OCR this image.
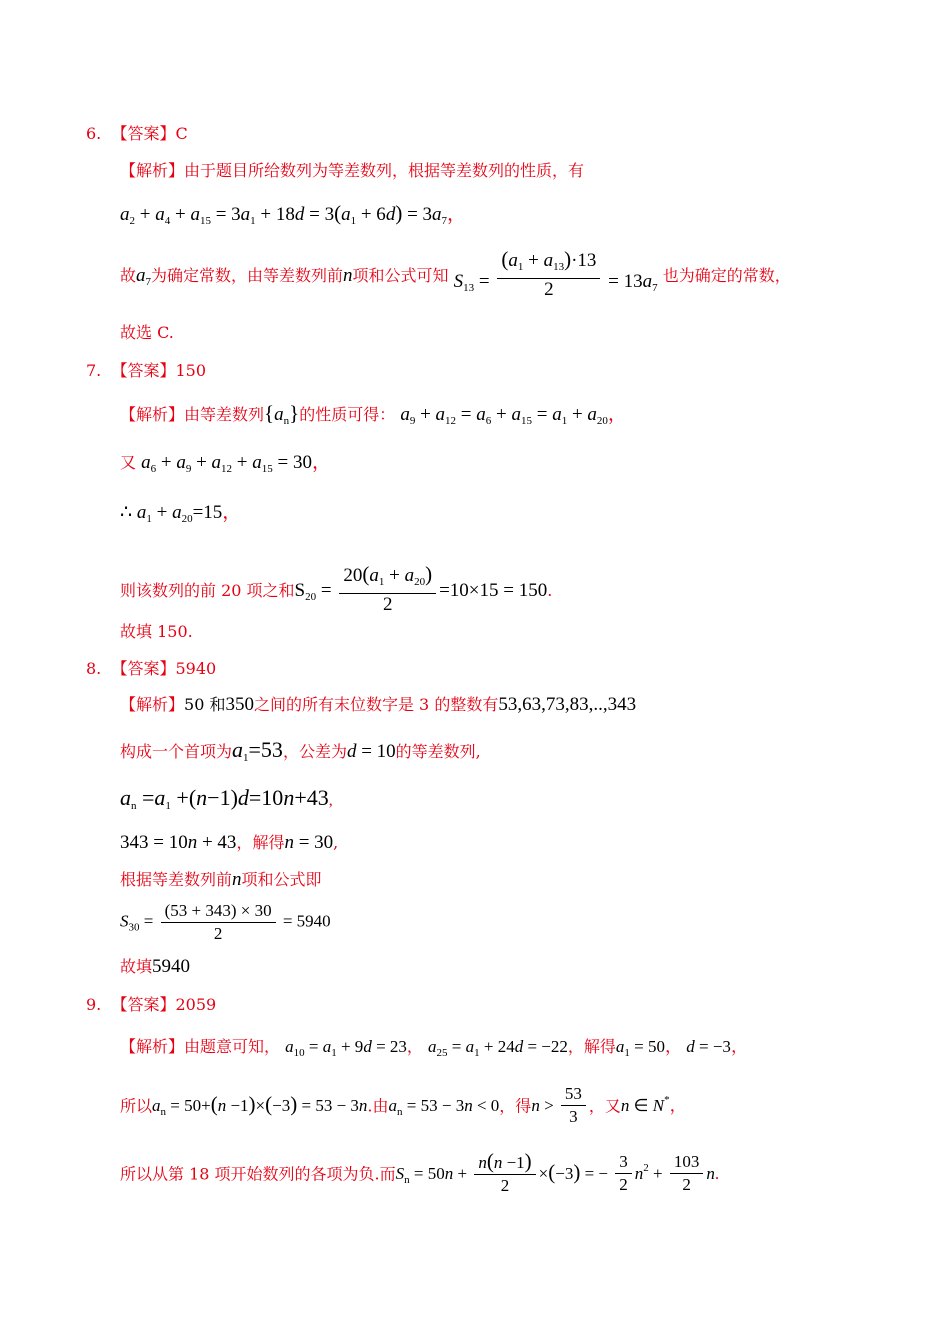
6. 【答案】C
【解析】由于题目所给数列为等差数列，根据等差数列的性质，有
$a_2 + a_4 + a_{15} = 3a_1 + 18d = 3(a_1 + 6d) = 3a_7$，
故$a_7$为确定常数，由等差数列前n项和公式可知 $S_{13} = \frac{(a_1 + a_{13})\cdot 13}{2} = 13a_7$ 也为确定的常数，
故选 C.
7. 【答案】150
【解析】由等差数列$\{a_n\}$的性质可得： $a_9 + a_{12} = a_6 + a_{15} = a_1 + a_{20}$，
又 $a_6 + a_9 + a_{12} + a_{15} = 30$，
∴ $a_1 + a_{20}=15$，
则该数列的前 20 项之和$S_{20} = \frac{20(a_1 + a_{20})}{2} =10\times 15 = 150$.
故填 150.
8. 【答案】5940
【解析】50 和350之间的所有末位数字是 3 的整数有53,63,73,83,..,343
构成一个首项为$a_1=53$，公差为d = 10的等差数列,
$a_n =a_1 +(n-1)d=10n+43$,
343 = 10n + 43，解得n = 30,
根据等差数列前n项和公式即
$S_{30} = \frac{(53 + 343) \times 30}{2} = 5940$
故填5940
9. 【答案】2059
【解析】由题意可知， $a_{10} = a_1 + 9d = 23$， $a_{25} = a_1 + 24d = -22$，解得$a_1 = 50$， d = −3，
所以$a_n = 50+(n -1)\times(-3) = 53 - 3n$.由$a_n = 53 - 3n < 0$，得$n > \frac{53}{3}$ ，又n ∈ N*，
所以从第 18 项开始数列的各项为负.而$S_n = 50n + \frac{n(n -1)}{2} \times(-3)$ = − $\frac{3}{2} n^2 + \frac{103}{2} n$.
